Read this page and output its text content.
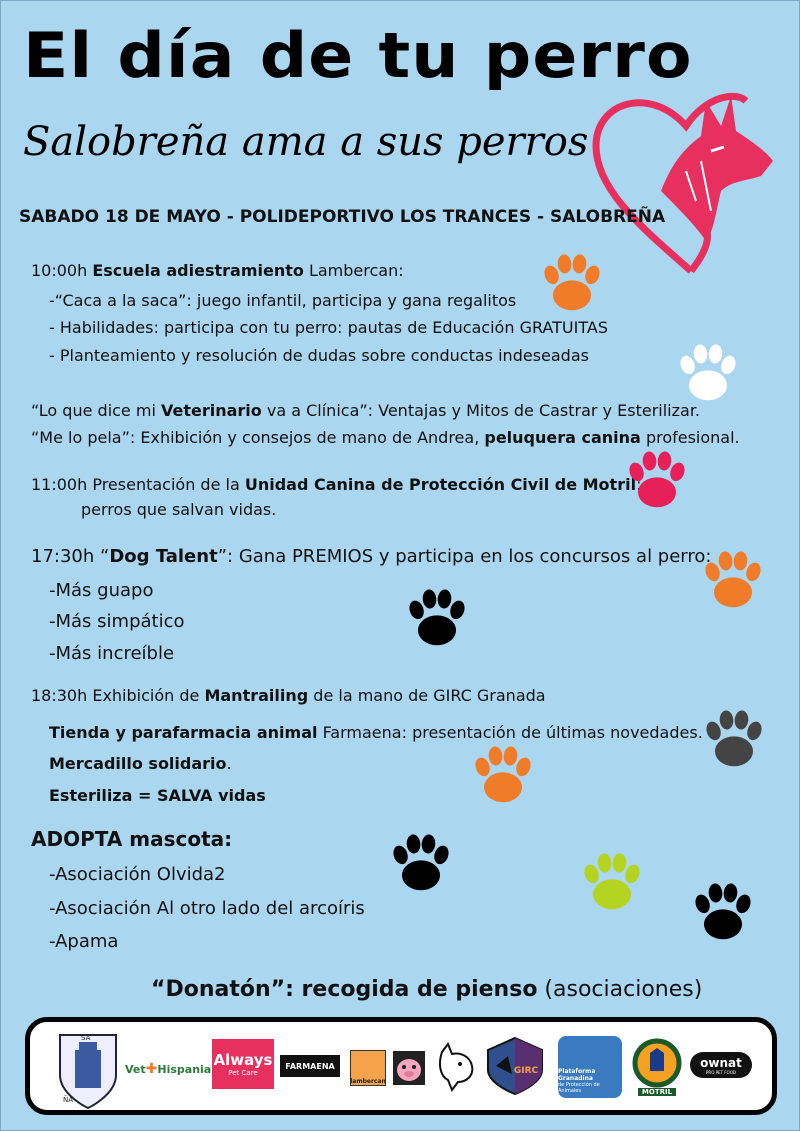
El día de tu perro
Salobreña ama a sus perros
SABADO 18 DE MAYO - POLIDEPORTIVO LOS TRANCES - SALOBREÑA
10:00h Escuela adiestramiento Lambercan:
-“Caca a la saca”: juego infantil, participa y gana regalitos
- Habilidades: participa con tu perro: pautas de Educación GRATUITAS
- Planteamiento y resolución de dudas sobre conductas indeseadas
“Lo que dice mi Veterinario va a Clínica”: Ventajas y Mitos de Castrar y Esterilizar.
“Me lo pela”: Exhibición y consejos de mano de Andrea, peluquera canina profesional.
11:00h Presentación de la Unidad Canina de Protección Civil de Motril:
perros que salvan vidas.
17:30h “Dog Talent”: Gana PREMIOS y participa en los concursos al perro:
-Más guapo
-Más simpático
-Más increíble
18:30h Exhibición de Mantrailing de la mano de GIRC Granada
Tienda y parafarmacia animal Farmaena: presentación de últimas novedades.
Mercadillo solidario.
Esteriliza = SALVA vidas
ADOPTA mascota:
-Asociación Olvida2
-Asociación Al otro lado del arcoíris
-Apama
“Donatón”: recogida de pienso (asociaciones)
SA
ÑA
Vet ✚ Hispania Always
Pet Care
FARMAENA
lambercan
GIRC	Plataforma Granadina
de Protección de Animales	MOTRIL
ownat
PRO PET FOOD
